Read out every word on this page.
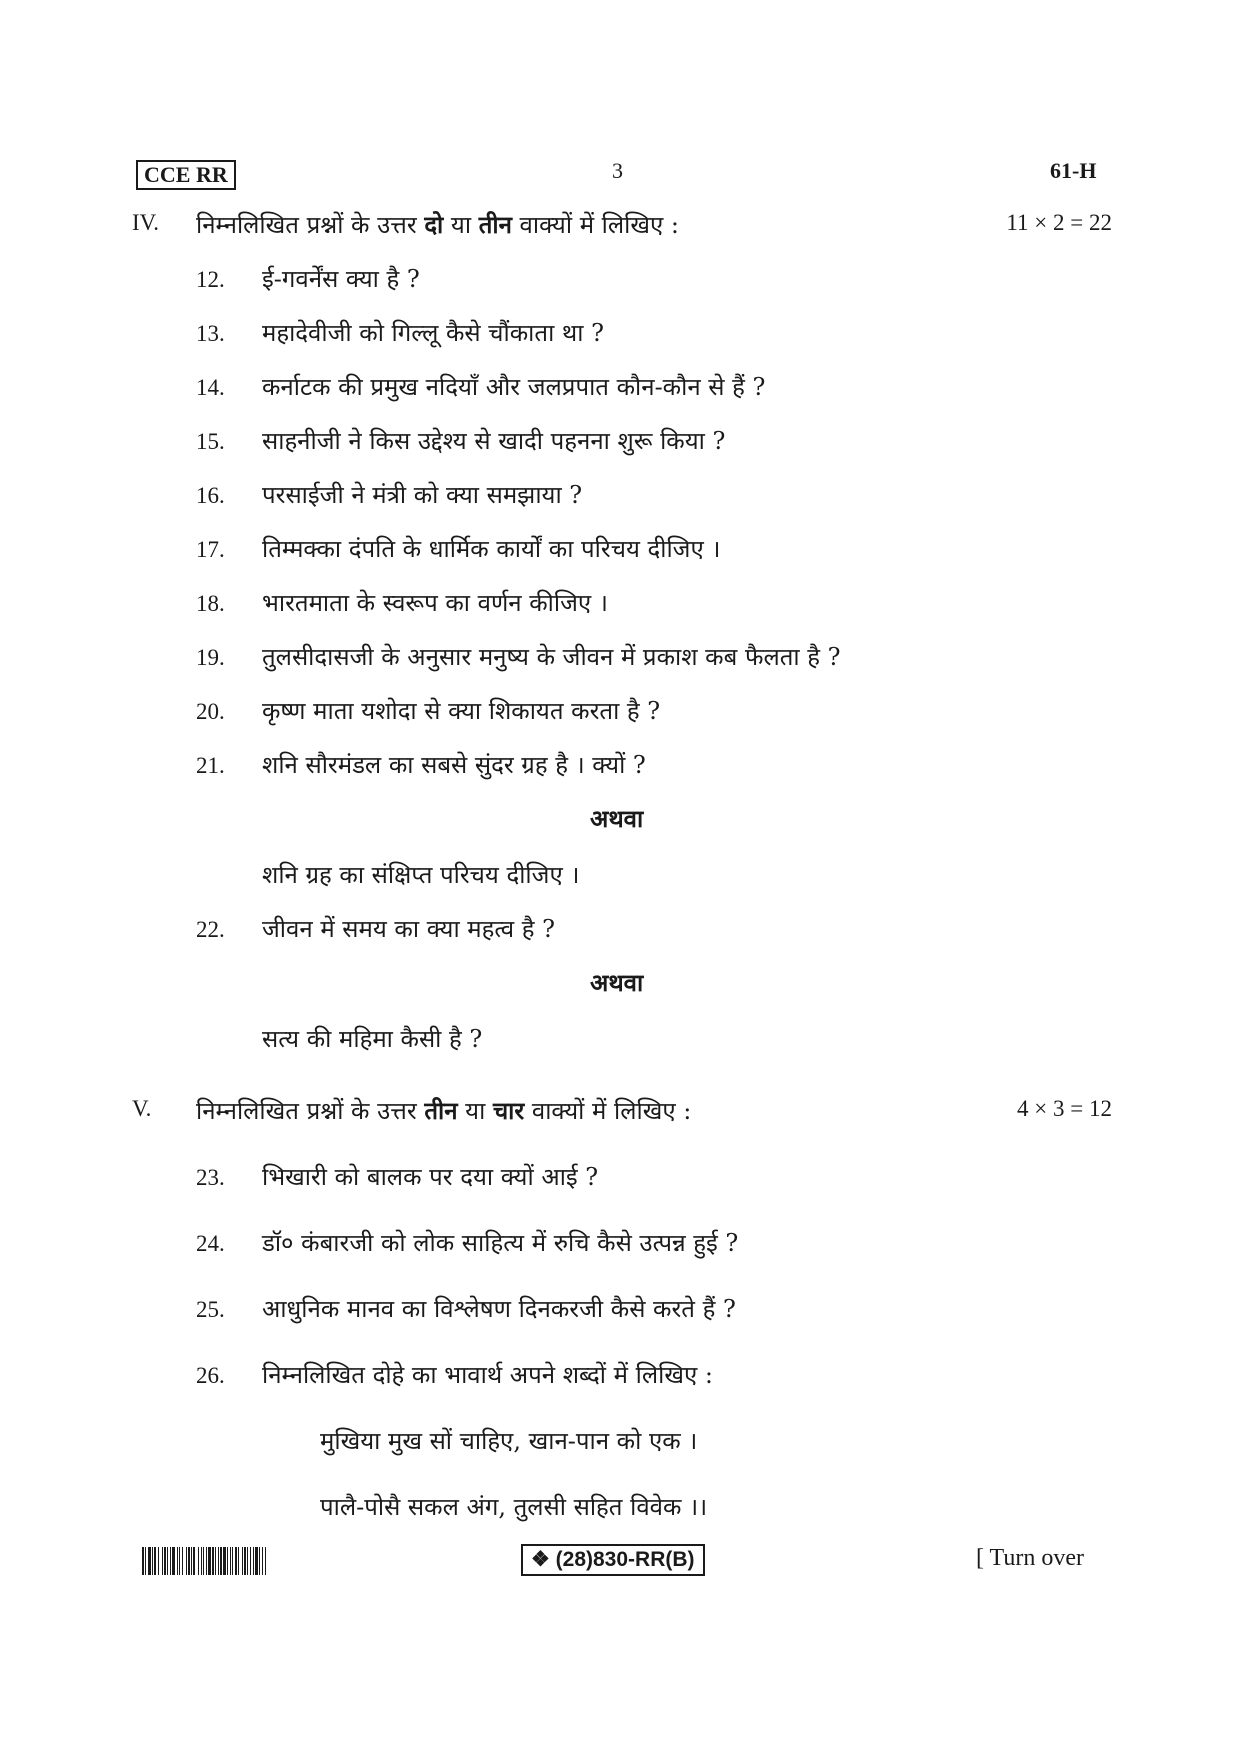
CCE RR	3	61-H
IV. निम्नलिखित प्रश्नों के उत्तर दो या तीन वाक्यों में लिखिए :	11 × 2 = 22
12. ई-गवर्नेंस क्या है ?
13. महादेवीजी को गिल्लू कैसे चौंकाता था ?
14. कर्नाटक की प्रमुख नदियाँ और जलप्रपात कौन-कौन से हैं ?
15. साहनीजी ने किस उद्देश्य से खादी पहनना शुरू किया ?
16. परसाईजी ने मंत्री को क्या समझाया ?
17. तिम्मक्का दंपति के धार्मिक कार्यों का परिचय दीजिए ।
18. भारतमाता के स्वरूप का वर्णन कीजिए ।
19. तुलसीदासजी के अनुसार मनुष्य के जीवन में प्रकाश कब फैलता है ?
20. कृष्ण माता यशोदा से क्या शिकायत करता है ?
21. शनि सौरमंडल का सबसे सुंदर ग्रह है । क्यों ?
अथवा
शनि ग्रह का संक्षिप्त परिचय दीजिए ।
22. जीवन में समय का क्या महत्व है ?
अथवा
सत्य की महिमा कैसी है ?
V. निम्नलिखित प्रश्नों के उत्तर तीन या चार वाक्यों में लिखिए :	4 × 3 = 12
23. भिखारी को बालक पर दया क्यों आई ?
24. डॉ० कंबारजी को लोक साहित्य में रुचि कैसे उत्पन्न हुई ?
25. आधुनिक मानव का विश्लेषण दिनकरजी कैसे करते हैं ?
26. निम्नलिखित दोहे का भावार्थ अपने शब्दों में लिखिए :
मुखिया मुख सों चाहिए, खान-पान को एक ।
पालै-पोसै सकल अंग, तुलसी सहित विवेक ।।
❖ (28)830-RR(B)	[ Turn over
